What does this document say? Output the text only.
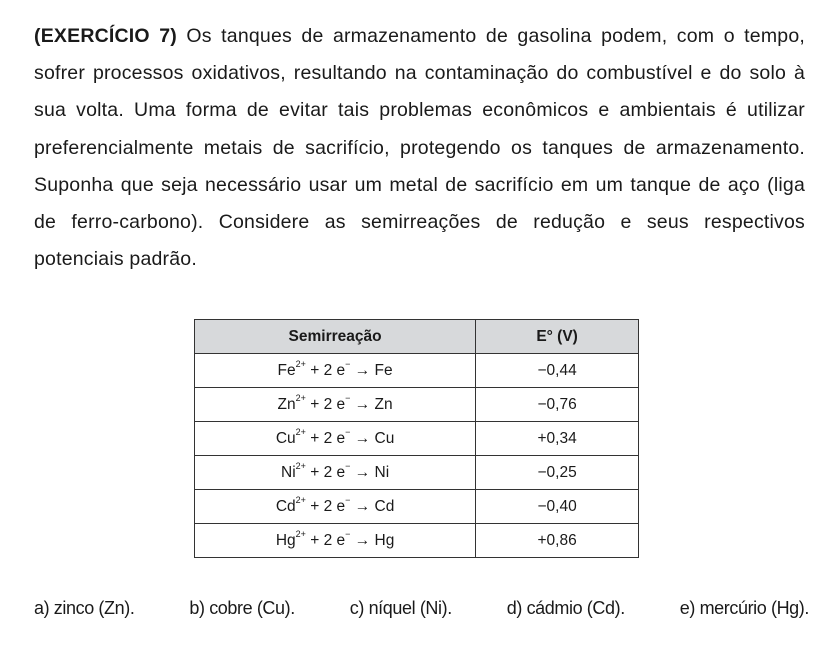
(EXERCÍCIO 7) Os tanques de armazenamento de gasolina podem, com o tempo, sofrer processos oxidativos, resultando na contaminação do combustível e do solo à sua volta. Uma forma de evitar tais problemas econômicos e ambientais é utilizar preferencialmente metais de sacrifício, protegendo os tanques de armazenamento. Suponha que seja necessário usar um metal de sacrifício em um tanque de aço (liga de ferro-carbono). Considere as semirreações de redução e seus respectivos potenciais padrão.
Semirreação	E° (V)
$Fe^{2+} + 2$ e− → Fe	−0,44
$Zn^{2+} + 2$ e− → Zn	−0,76
$Cu^{2+} + 2$ e− → Cu	+0,34
$Ni^{2+} + 2$ e− → Ni	−0,25
$Cd^{2+} + 2$ e− → Cd	−0,40
$Hg^{2+} + 2$ e− → Hg	+0,86
a) zinco (Zn).	b) cobre (Cu).	c) níquel (Ni).	d) cádmio (Cd).	e) mercúrio (Hg).
